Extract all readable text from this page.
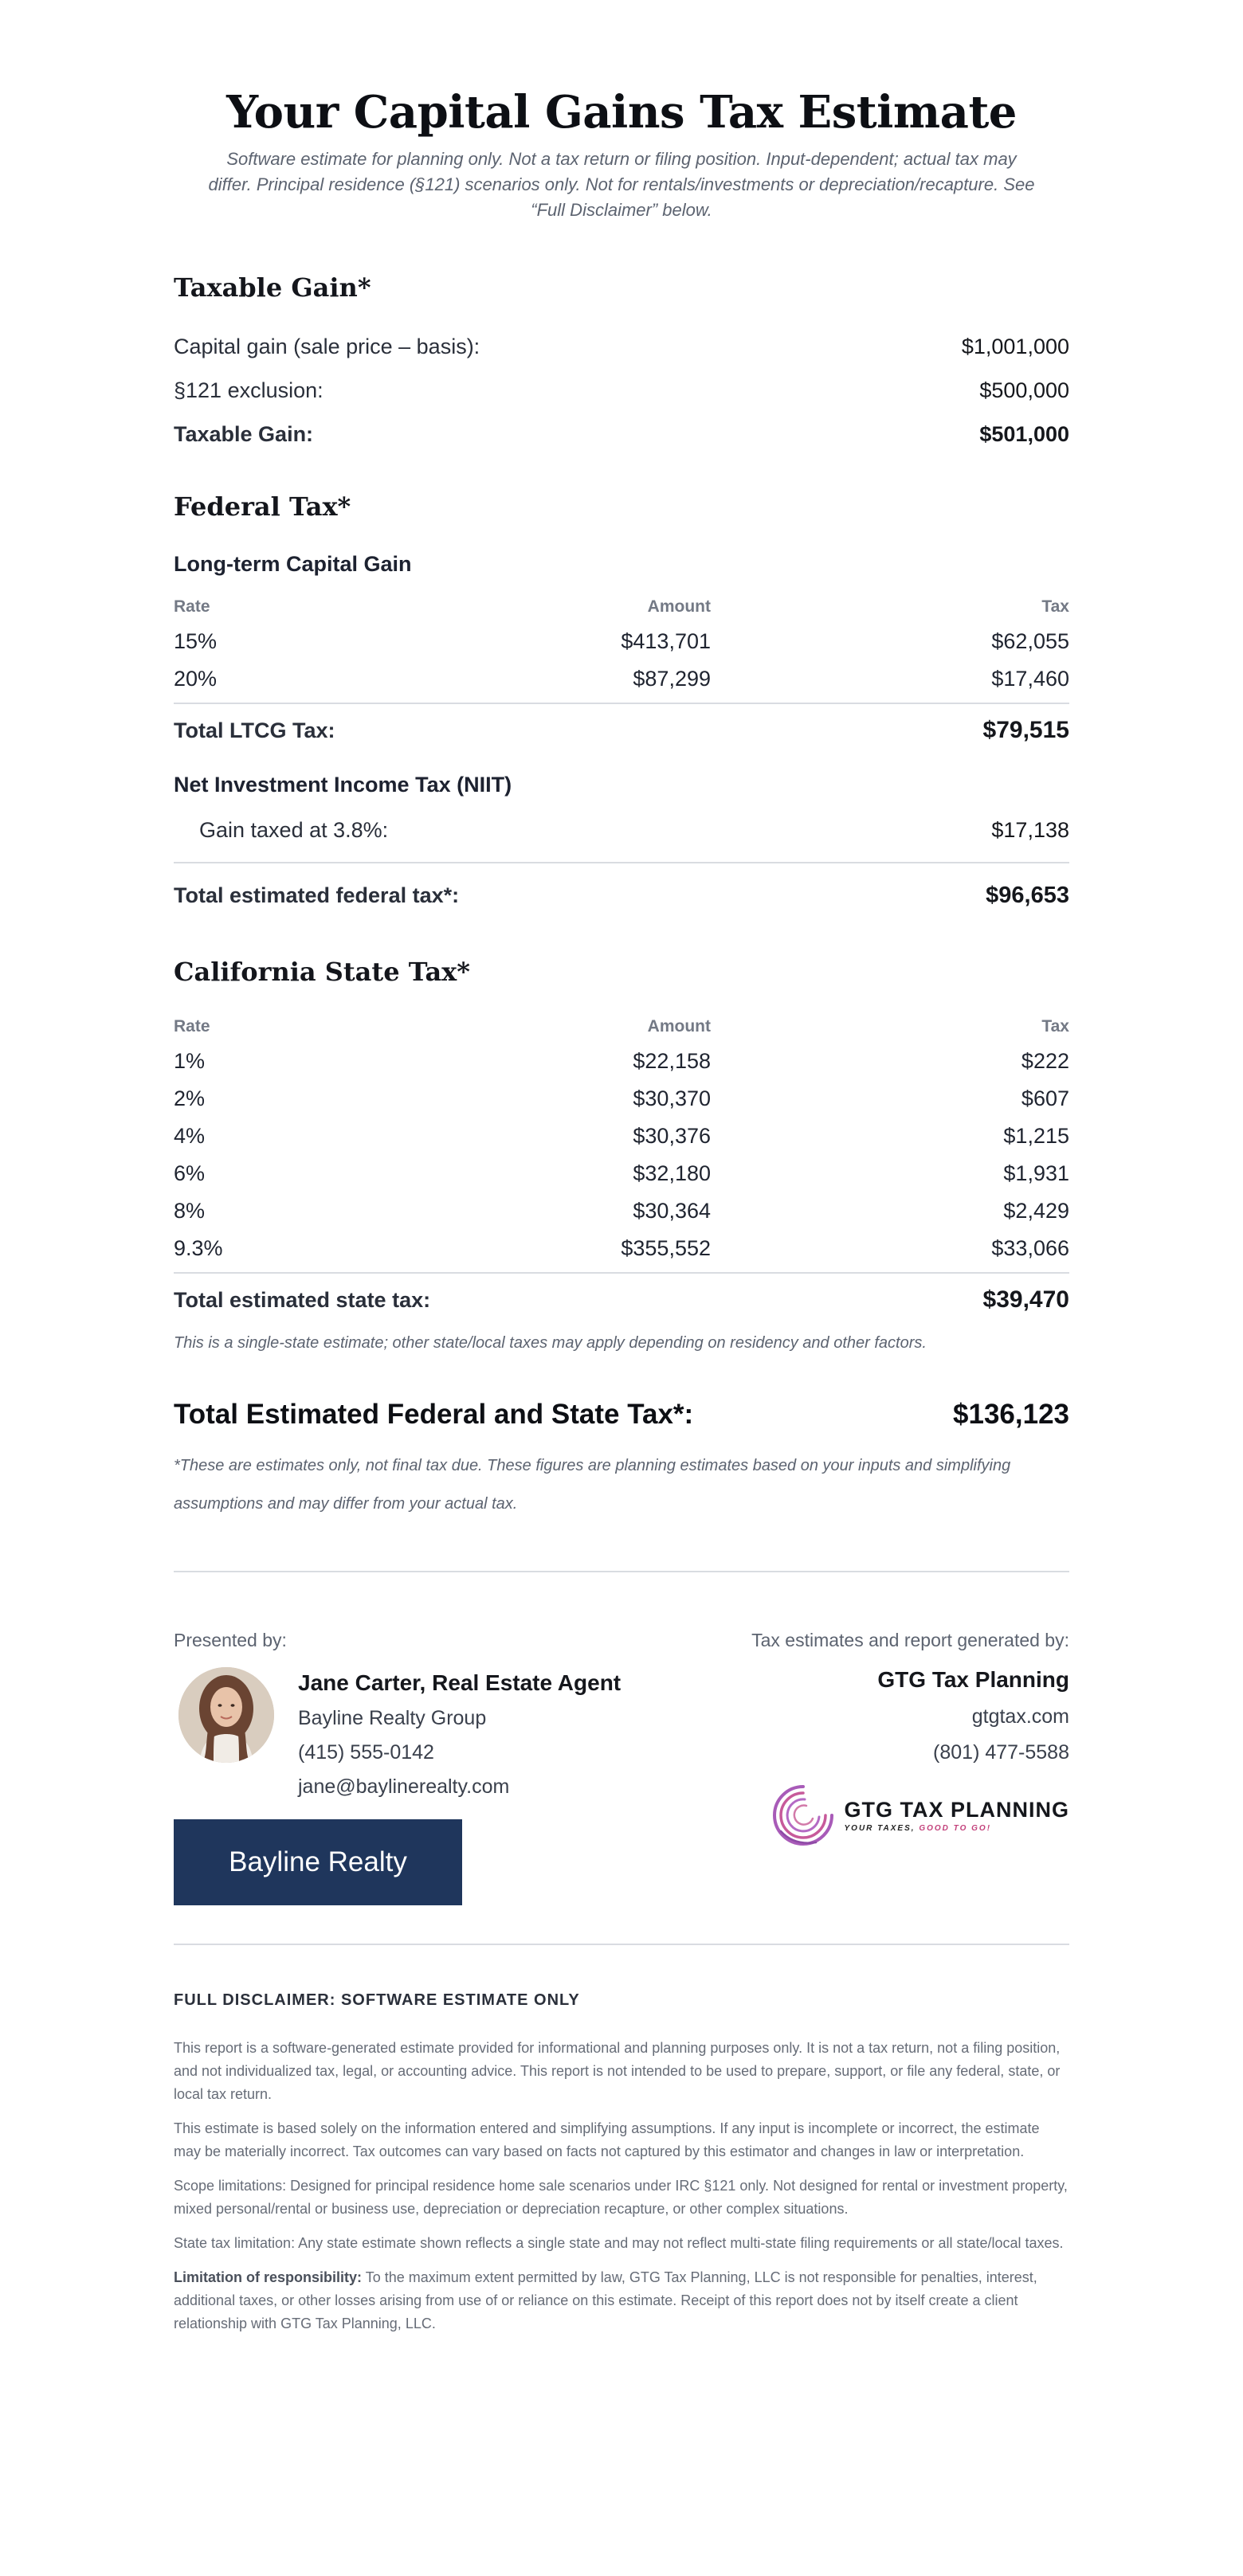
Your Capital Gains Tax Estimate

Software estimate for planning only. Not a tax return or filing position. Input-dependent; actual tax may differ. Principal residence (§121) scenarios only. Not for rentals/investments or depreciation/recapture. See “Full Disclaimer” below.

Taxable Gain*
Capital gain (sale price – basis):	$1,001,000
§121 exclusion:	$500,000
Taxable Gain:	$501,000
Federal Tax*
Long-term Capital Gain
Rate	Amount	Tax
15%	$413,701	$62,055
20%	$87,299	$17,460
Total LTCG Tax:	$79,515
Net Investment Income Tax (NIIT)
Gain taxed at 3.8%:	$17,138
Total estimated federal tax*:	$96,653
California State Tax*
Rate	Amount	Tax
1%	$22,158	$222
2%	$30,370	$607
4%	$30,376	$1,215
6%	$32,180	$1,931
8%	$30,364	$2,429
9.3%	$355,552	$33,066
Total estimated state tax:	$39,470
This is a single-state estimate; other state/local taxes may apply depending on residency and other factors.
Total Estimated Federal and State Tax*:	$136,123
*These are estimates only, not final tax due. These figures are planning estimates based on your inputs and simplifying assumptions and may differ from your actual tax.
Presented by:
Jane Carter, Real Estate Agent
Bayline Realty Group
(415) 555-0142
jane@baylinerealty.com
Bayline Realty
Tax estimates and report generated by:
GTG Tax Planning
gtgtax.com
(801) 477-5588
GTG TAX PLANNING
YOUR TAXES, GOOD TO GO!
FULL DISCLAIMER: SOFTWARE ESTIMATE ONLY

This report is a software-generated estimate provided for informational and planning purposes only. It is not a tax return, not a filing position, and not individualized tax, legal, or accounting advice. This report is not intended to be used to prepare, support, or file any federal, state, or local tax return.

This estimate is based solely on the information entered and simplifying assumptions. If any input is incomplete or incorrect, the estimate may be materially incorrect. Tax outcomes can vary based on facts not captured by this estimator and changes in law or interpretation.

Scope limitations: Designed for principal residence home sale scenarios under IRC §121 only. Not designed for rental or investment property, mixed personal/rental or business use, depreciation or depreciation recapture, or other complex situations.

State tax limitation: Any state estimate shown reflects a single state and may not reflect multi-state filing requirements or all state/local taxes.

Limitation of responsibility: To the maximum extent permitted by law, GTG Tax Planning, LLC is not responsible for penalties, interest, additional taxes, or other losses arising from use of or reliance on this estimate. Receipt of this report does not by itself create a client relationship with GTG Tax Planning, LLC.
